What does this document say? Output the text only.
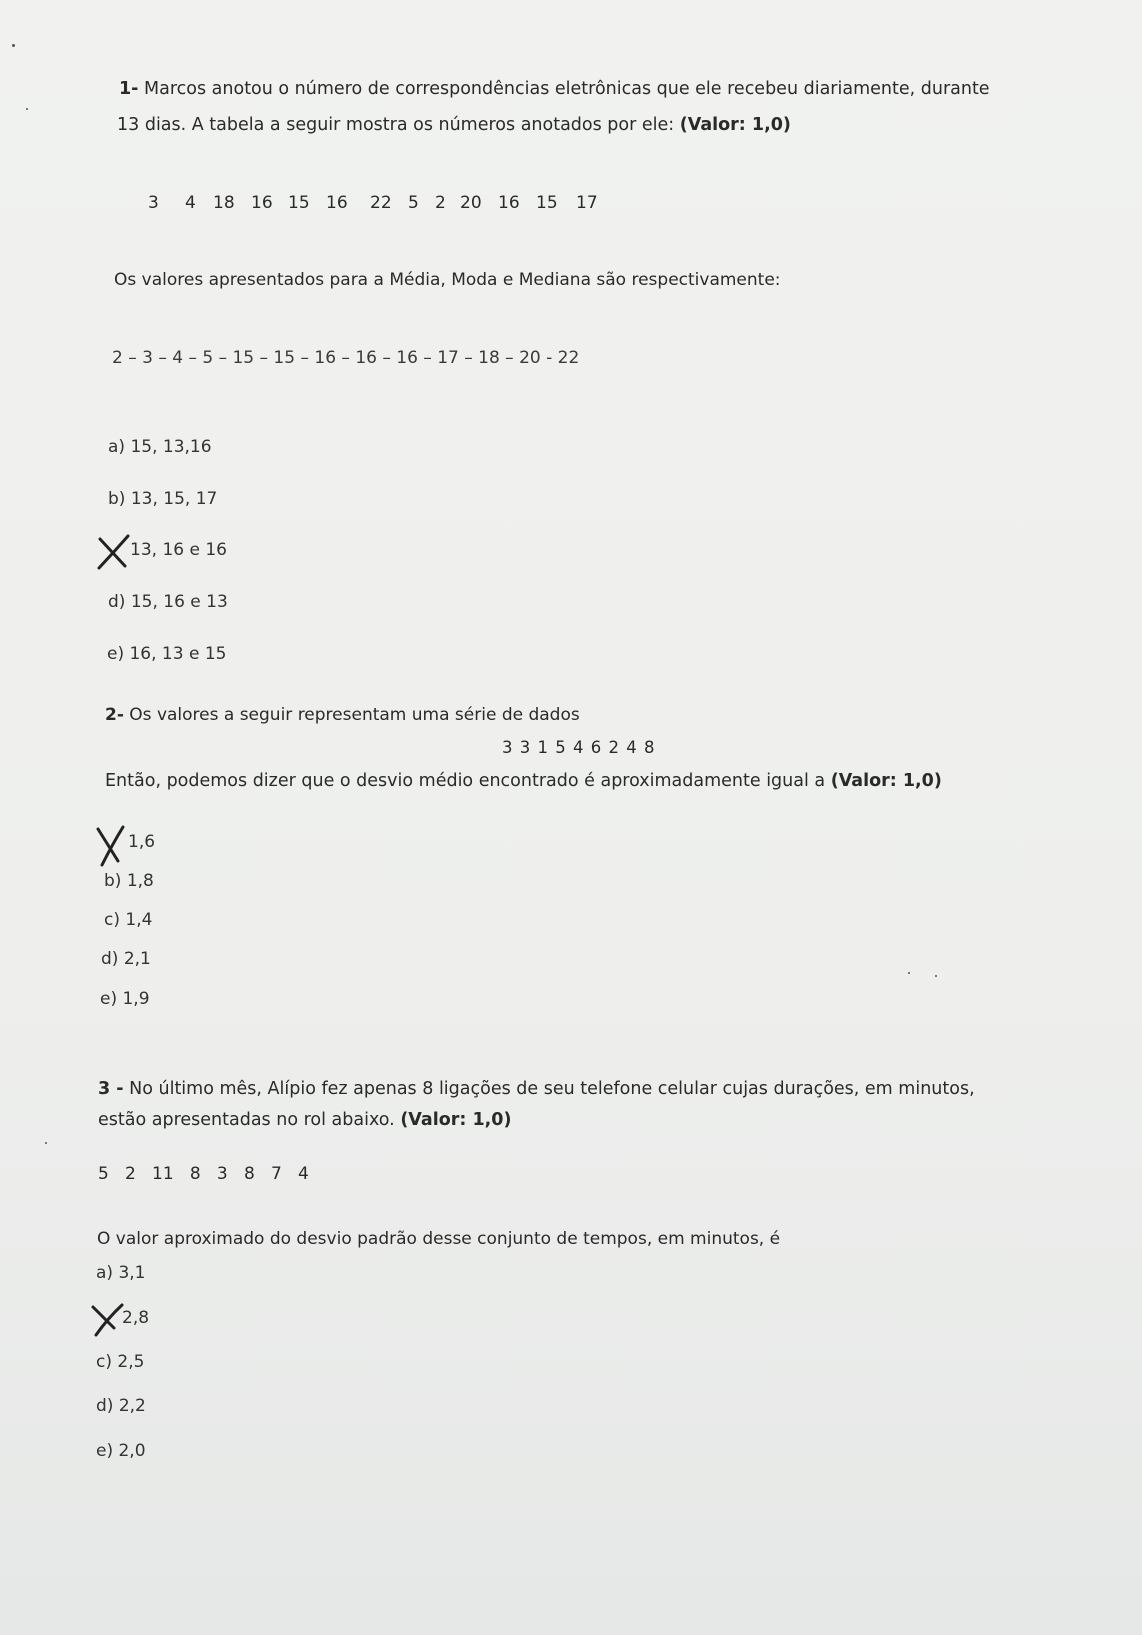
1- Marcos anotou o número de correspondências eletrônicas que ele recebeu diariamente, durante
13 dias. A tabela a seguir mostra os números anotados por ele: (Valor: 1,0)
3 4 18 16 15 16 22 5 2 20 16 15 17
Os valores apresentados para a Média, Moda e Mediana são respectivamente:
2 – 3 – 4 – 5 – 15 – 15 – 16 – 16 – 16 – 17 – 18 – 20 - 22
a) 15, 13,16
b) 13, 15, 17
13, 16 e 16
d) 15, 16 e 13
e) 16, 13 e 15
2- Os valores a seguir representam uma série de dados
3 3 1 5 4 6 2 4 8
Então, podemos dizer que o desvio médio encontrado é aproximadamente igual a (Valor: 1,0)
1,6
b) 1,8
c) 1,4
d) 2,1
e) 1,9
3 - No último mês, Alípio fez apenas 8 ligações de seu telefone celular cujas durações, em minutos,
estão apresentadas no rol abaixo. (Valor: 1,0)
5   2   11   8   3   8   7   4
O valor aproximado do desvio padrão desse conjunto de tempos, em minutos, é
a) 3,1
2,8
c) 2,5
d) 2,2
e) 2,0
